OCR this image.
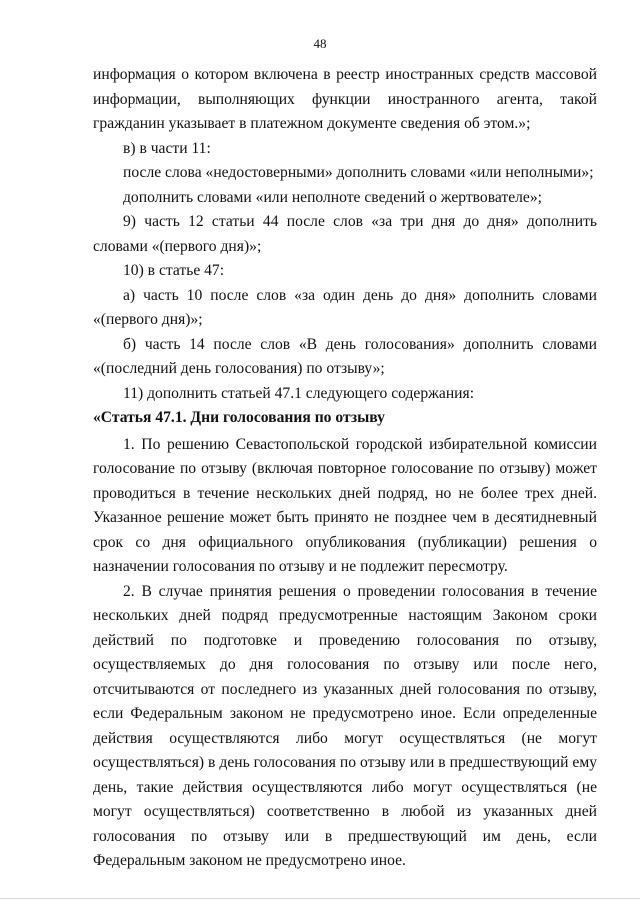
48

информация о котором включена в реестр иностранных средств массовой информации, выполняющих функции иностранного агента, такой гражданин указывает в платежном документе сведения об этом.»;

в) в части 11:

после слова «недостоверными» дополнить словами «или неполными»;

дополнить словами «или неполноте сведений о жертвователе»;

9) часть 12 статьи 44 после слов «за три дня до дня» дополнить словами «(первого дня)»;

10) в статье 47:

а) часть 10 после слов «за один день до дня» дополнить словами «(первого дня)»;

б) часть 14 после слов «В день голосования» дополнить словами «(последний день голосования) по отзыву»;

11) дополнить статьей 47.1 следующего содержания:

«Статья 47.1. Дни голосования по отзыву

1. По решению Севастопольской городской избирательной комиссии голосование по отзыву (включая повторное голосование по отзыву) может проводиться в течение нескольких дней подряд, но не более трех дней. Указанное решение может быть принято не позднее чем в десятидневный срок со дня официального опубликования (публикации) решения о назначении голосования по отзыву и не подлежит пересмотру.

2. В случае принятия решения о проведении голосования в течение нескольких дней подряд предусмотренные настоящим Законом сроки действий по подготовке и проведению голосования по отзыву, осуществляемых до дня голосования по отзыву или после него, отсчитываются от последнего из указанных дней голосования по отзыву, если Федеральным законом не предусмотрено иное. Если определенные действия осуществляются либо могут осуществляться (не могут осуществляться) в день голосования по отзыву или в предшествующий ему день, такие действия осуществляются либо могут осуществляться (не могут осуществляться) соответственно в любой из указанных дней голосования по отзыву или в предшествующий им день, если Федеральным законом не предусмотрено иное.
